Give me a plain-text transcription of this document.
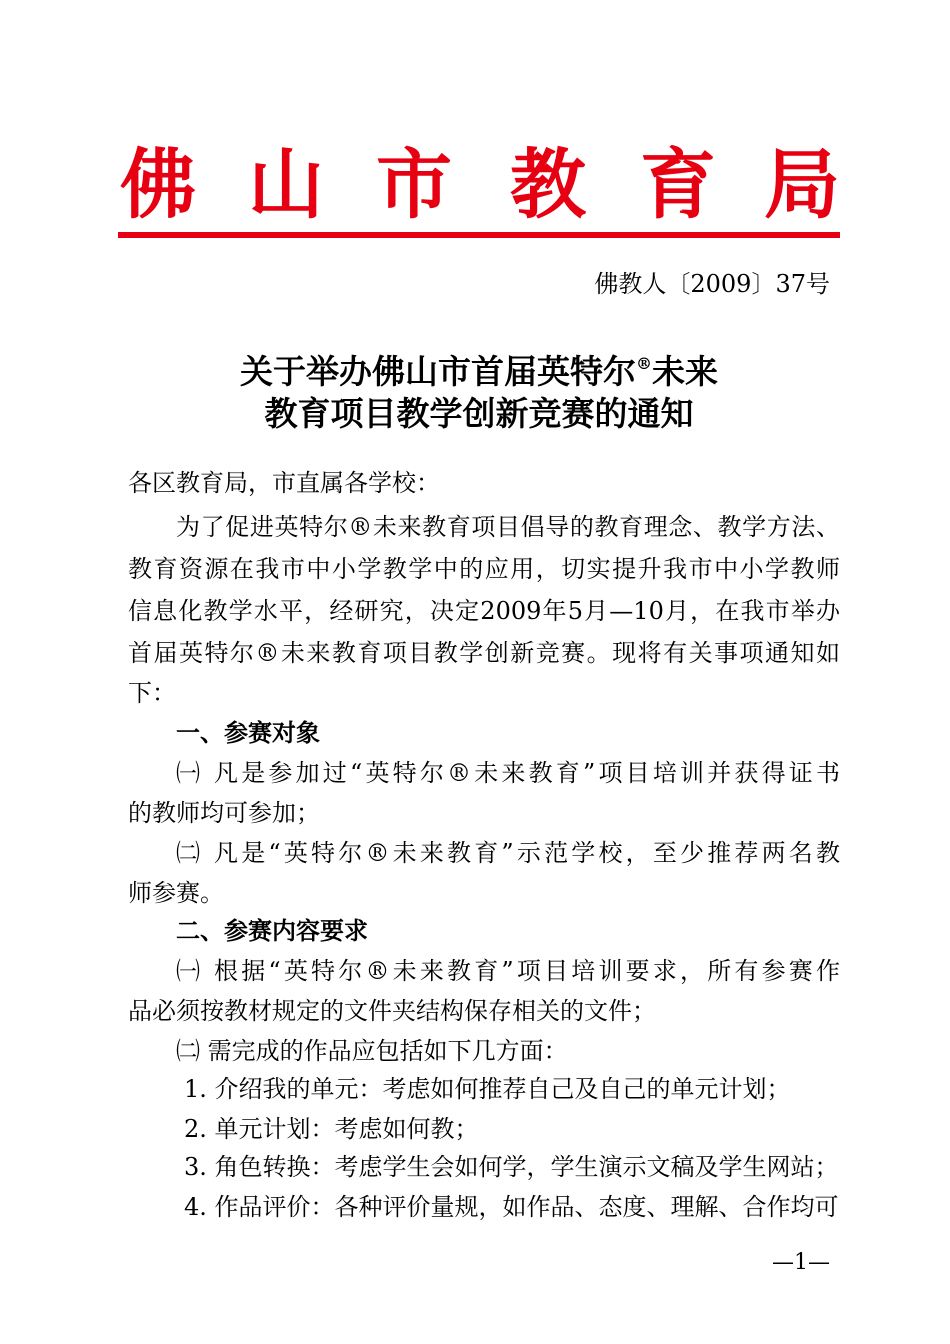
佛 山 市 教 育 局
佛教人〔2009〕37号
关于举办佛山市首届英特尔®未来
教育项目教学创新竞赛的通知
各区教育局，市直属各学校：
为了促进英特尔®未来教育项目倡导的教育理念、教学方法、
教育资源在我市中小学教学中的应用，切实提升我市中小学教师
信息化教学水平，经研究，决定2009年5月—10月，在我市举办
首届英特尔®未来教育项目教学创新竞赛。现将有关事项通知如
下：
一、参赛对象
㈠ 凡是参加过“英特尔®未来教育”项目培训并获得证书
的教师均可参加；
㈡ 凡是“英特尔®未来教育”示范学校，至少推荐两名教
师参赛。
二、参赛内容要求
㈠ 根据“英特尔®未来教育”项目培训要求，所有参赛作
品必须按教材规定的文件夹结构保存相关的文件；
㈡ 需完成的作品应包括如下几方面：
1. 介绍我的单元：考虑如何推荐自己及自己的单元计划；
2. 单元计划：考虑如何教；
3. 角色转换：考虑学生会如何学，学生演示文稿及学生网站；
4. 作品评价：各种评价量规，如作品、态度、理解、合作均可
—1—
